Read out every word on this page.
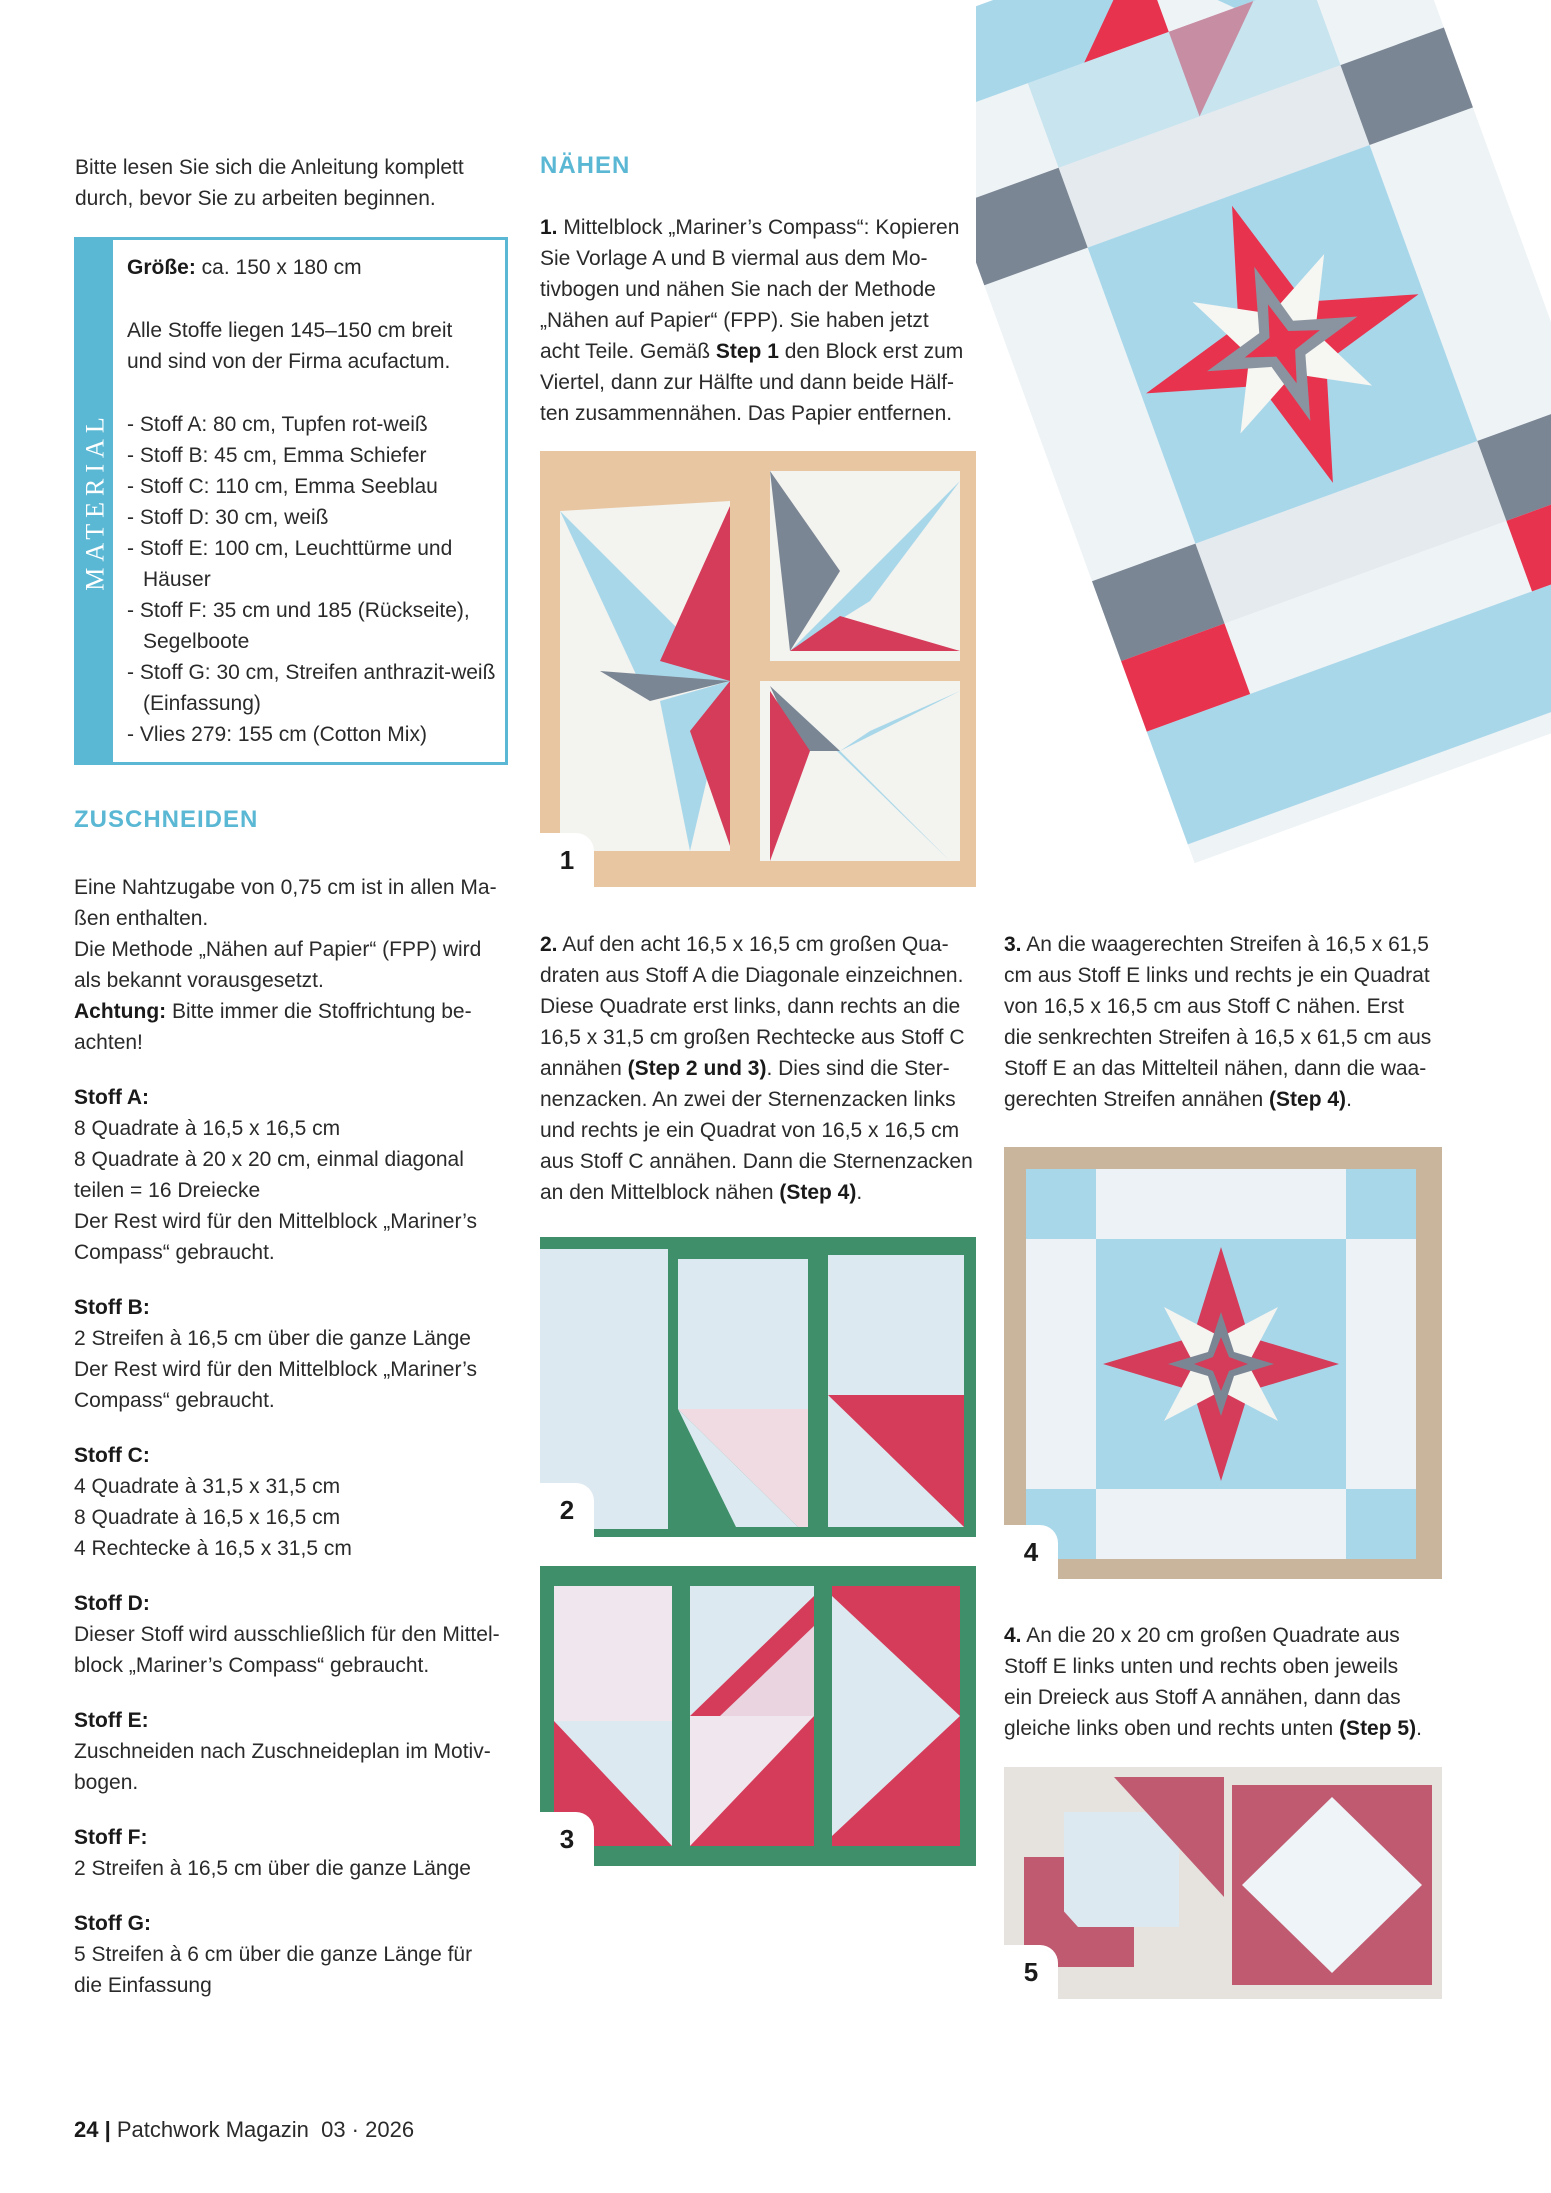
Bitte lesen Sie sich die Anleitung komplett
durch, bevor Sie zu arbeiten beginnen.
MATERIAL
Größe: ca. 150 x 180 cm
Alle Stoffe liegen 145–150 cm breit
und sind von der Firma acufactum.
- Stoff A: 80 cm, Tupfen rot-weiß
- Stoff B: 45 cm, Emma Schiefer
- Stoff C: 110 cm, Emma Seeblau
- Stoff D: 30 cm, weiß
- Stoff E: 100 cm, Leuchttürme und Häuser
- Stoff F: 35 cm und 185 (Rückseite), Segelboote
- Stoff G: 30 cm, Streifen anthrazit-weiß (Einfassung)
- Vlies 279: 155 cm (Cotton Mix)
ZUSCHNEIDEN
Eine Nahtzugabe von 0,75 cm ist in allen Ma-
ßen enthalten.
Die Methode „Nähen auf Papier“ (FPP) wird
als bekannt vorausgesetzt.
Achtung: Bitte immer die Stoffrichtung be-
achten!
Stoff A:
8 Quadrate à 16,5 x 16,5 cm
8 Quadrate à 20 x 20 cm, einmal diagonal
teilen = 16 Dreiecke
Der Rest wird für den Mittelblock „Mariner’s
Compass“ gebraucht.
Stoff B:
2 Streifen à 16,5 cm über die ganze Länge
Der Rest wird für den Mittelblock „Mariner’s
Compass“ gebraucht.
Stoff C:
4 Quadrate à 31,5 x 31,5 cm
8 Quadrate à 16,5 x 16,5 cm
4 Rechtecke à 16,5 x 31,5 cm
Stoff D:
Dieser Stoff wird ausschließlich für den Mittel-
block „Mariner’s Compass“ gebraucht.
Stoff E:
Zuschneiden nach Zuschneideplan im Motiv-
bogen.
Stoff F:
2 Streifen à 16,5 cm über die ganze Länge
Stoff G:
5 Streifen à 6 cm über die ganze Länge für
die Einfassung
NÄHEN
1. Mittelblock „Mariner’s Compass“: Kopieren
Sie Vorlage A und B viermal aus dem Mo-
tivbogen und nähen Sie nach der Methode
„Nähen auf Papier“ (FPP). Sie haben jetzt
acht Teile. Gemäß Step 1 den Block erst zum
Viertel, dann zur Hälfte und dann beide Hälf-
ten zusammennähen. Das Papier entfernen.
1
2. Auf den acht 16,5 x 16,5 cm großen Qua-
draten aus Stoff A die Diagonale einzeichnen.
Diese Quadrate erst links, dann rechts an die
16,5 x 31,5 cm großen Rechtecke aus Stoff C
annähen (Step 2 und 3). Dies sind die Ster-
nenzacken. An zwei der Sternenzacken links
und rechts je ein Quadrat von 16,5 x 16,5 cm
aus Stoff C annähen. Dann die Sternenzacken
an den Mittelblock nähen (Step 4).
2
3
3. An die waagerechten Streifen à 16,5 x 61,5
cm aus Stoff E links und rechts je ein Quadrat
von 16,5 x 16,5 cm aus Stoff C nähen. Erst
die senkrechten Streifen à 16,5 x 61,5 cm aus
Stoff E an das Mittelteil nähen, dann die waa-
gerechten Streifen annähen (Step 4).
4
4. An die 20 x 20 cm großen Quadrate aus
Stoff E links unten und rechts oben jeweils
ein Dreieck aus Stoff A annähen, dann das
gleiche links oben und rechts unten (Step 5).
5
24 | Patchwork Magazin 03 · 2026
